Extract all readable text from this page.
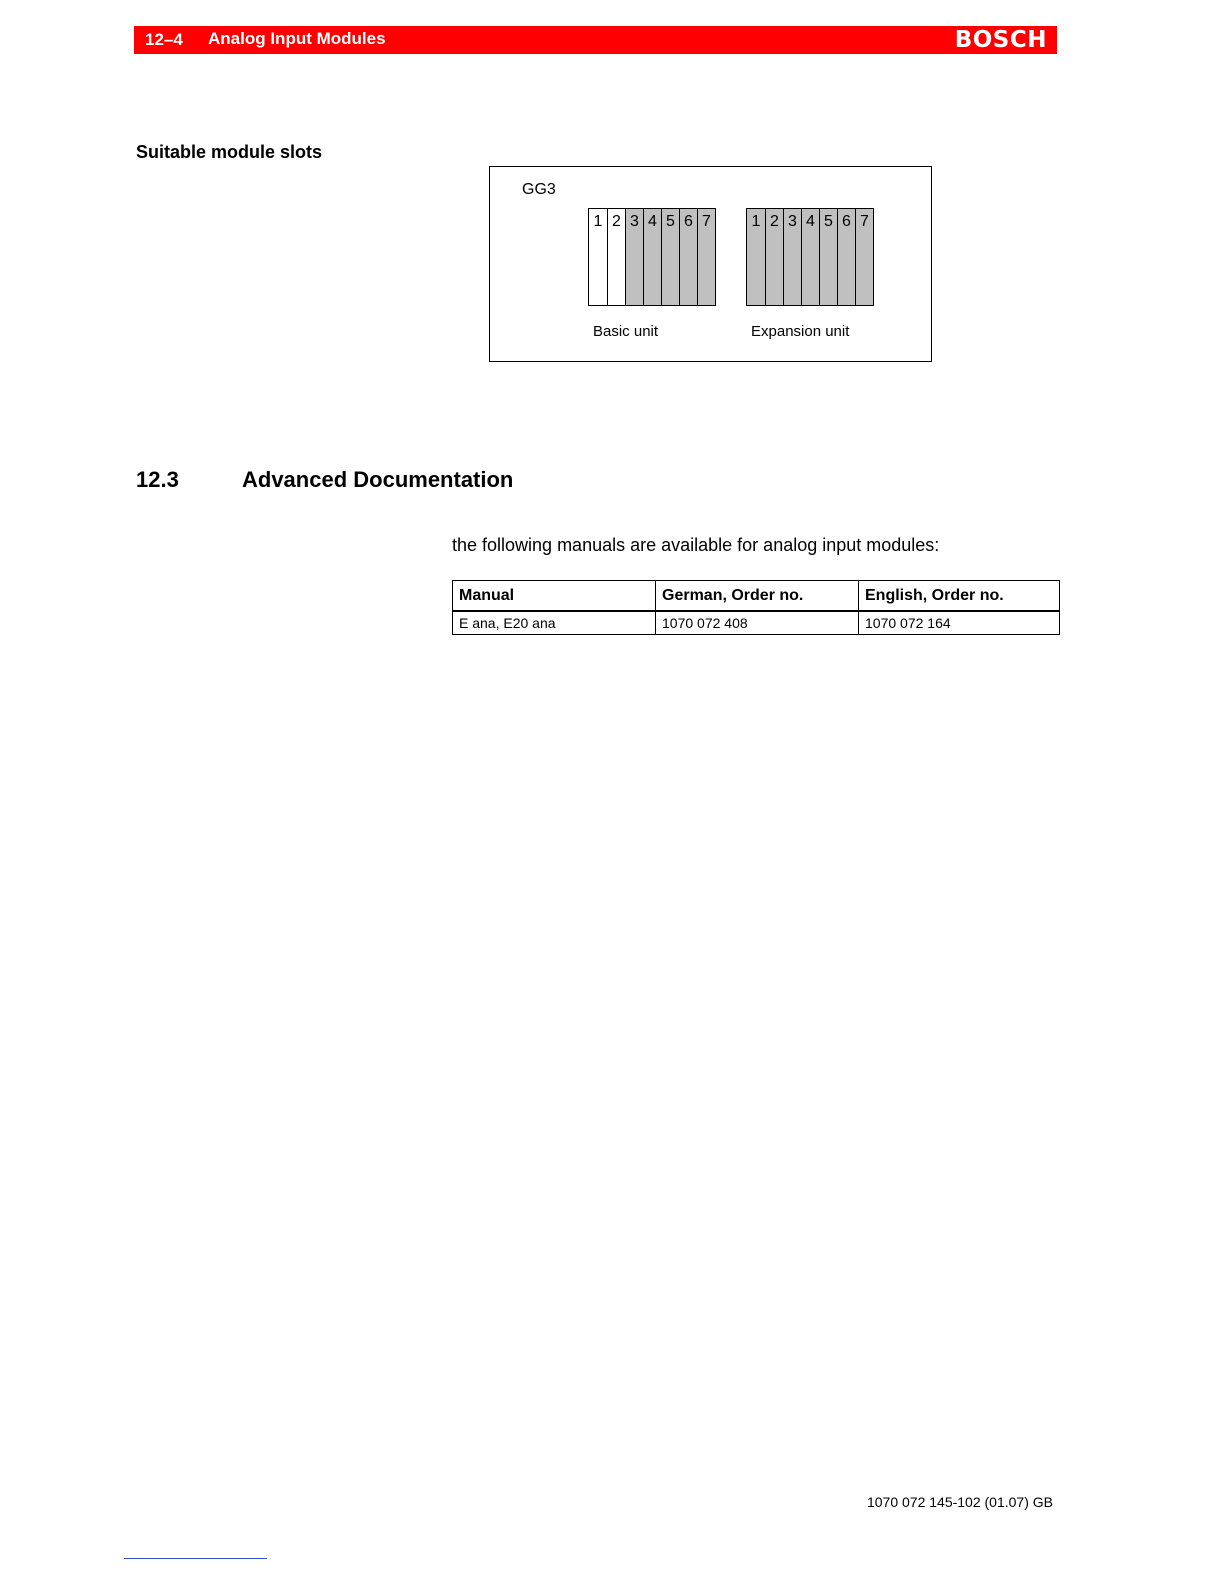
12–4 Analog Input Modules	BOSCH
Suitable module slots
GG3
1 2 3 4 5 6 7	1 2 3 4 5 6 7
Basic unit	Expansion unit
12.3	Advanced Documentation
the following manuals are available for analog input modules:
Manual	German, Order no.	English, Order no.
E ana, E20 ana	1070 072 408	1070 072 164
1070 072 145-102 (01.07) GB
